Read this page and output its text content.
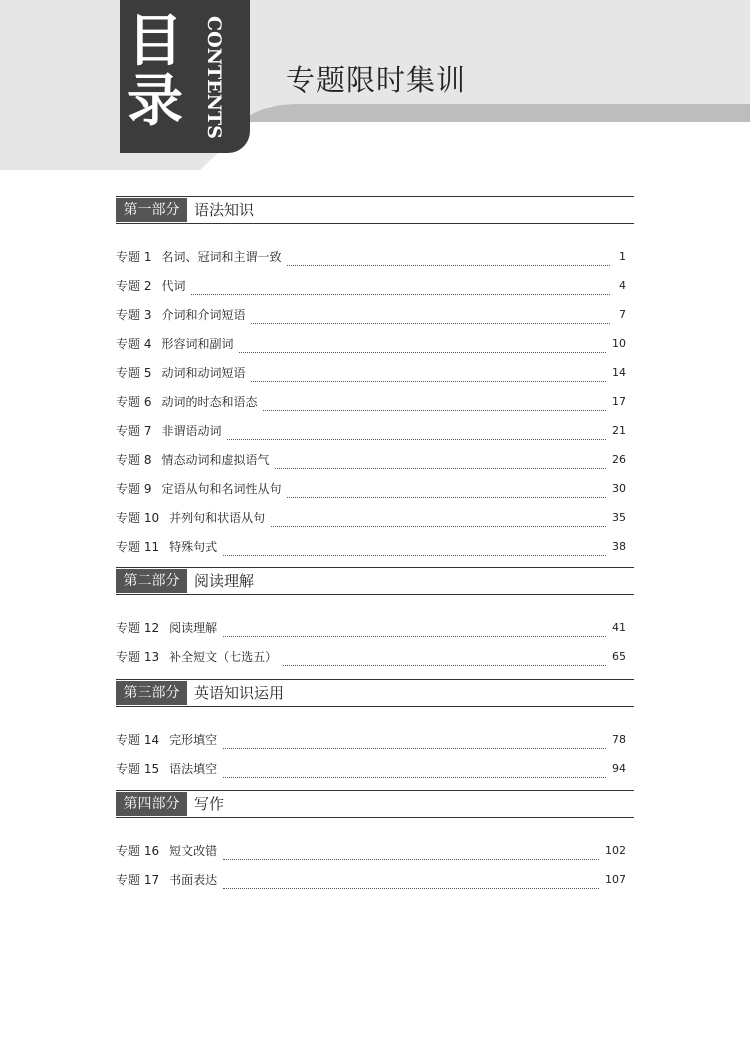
目
录	CONTENTS	专题限时集训
第一部分 语法知识
专题 1 名词、冠词和主谓一致	1
专题 2 代词	4
专题 3 介词和介词短语	7
专题 4 形容词和副词	10
专题 5 动词和动词短语	14
专题 6 动词的时态和语态	17
专题 7 非谓语动词	21
专题 8 情态动词和虚拟语气	26
专题 9 定语从句和名词性从句	30
专题 10 并列句和状语从句	35
专题 11 特殊句式	38
第二部分 阅读理解
专题 12 阅读理解	41
专题 13 补全短文（七选五）	65
第三部分 英语知识运用
专题 14 完形填空	78
专题 15 语法填空	94
第四部分 写作
专题 16 短文改错	102
专题 17 书面表达	107
